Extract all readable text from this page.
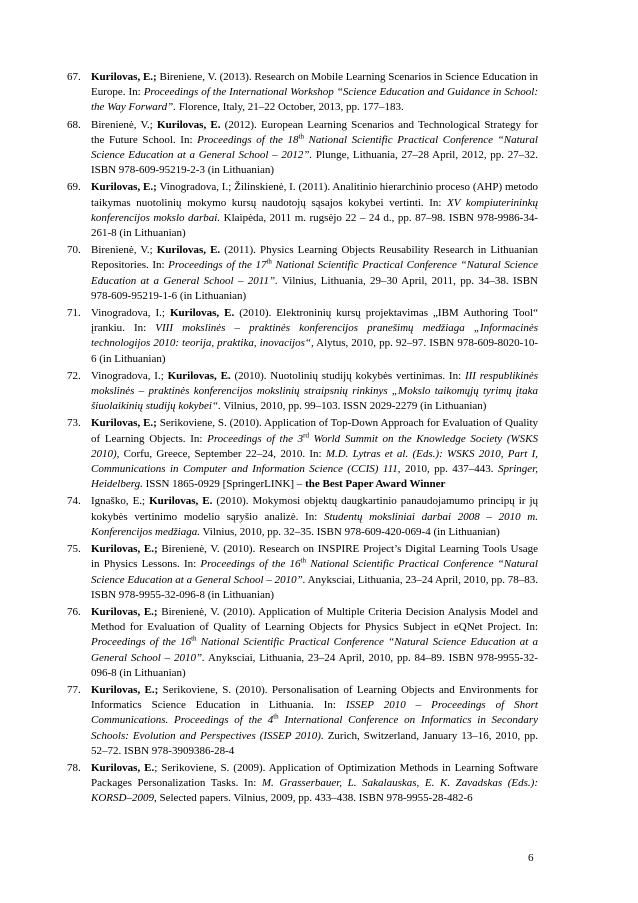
67. Kurilovas, E.; Bireniene, V. (2013). Research on Mobile Learning Scenarios in Science Education in Europe. In: Proceedings of the International Workshop “Science Education and Guidance in School: the Way Forward”. Florence, Italy, 21–22 October, 2013, pp. 177–183.
68. Birenienė, V.; Kurilovas, E. (2012). European Learning Scenarios and Technological Strategy for the Future School. In: Proceedings of the 18th National Scientific Practical Conference “Natural Science Education at a General School – 2012”. Plunge, Lithuania, 27–28 April, 2012, pp. 27–32. ISBN 978-609-95219-2-3 (in Lithuanian)
69. Kurilovas, E.; Vinogradova, I.; Žilinskienė, I. (2011). Analitinio hierarchinio proceso (AHP) metodo taikymas nuotolinių mokymo kursų naudotojų sąsajos kokybei vertinti. In: XV kompiuterininkų konferencijos mokslo darbai. Klaipėda, 2011 m. rugsėjo 22 – 24 d., pp. 87–98. ISBN 978-9986-34-261-8 (in Lithuanian)
70. Birenienė, V.; Kurilovas, E. (2011). Physics Learning Objects Reusability Research in Lithuanian Repositories. In: Proceedings of the 17th National Scientific Practical Conference “Natural Science Education at a General School – 2011”. Vilnius, Lithuania, 29–30 April, 2011, pp. 34–38. ISBN 978-609-95219-1-6 (in Lithuanian)
71. Vinogradova, I.; Kurilovas, E. (2010). Elektroninių kursų projektavimas „IBM Authoring Tool“ įrankiu. In: VIII mokslinės – praktinės konferencijos pranešimų medžiaga „Informacinės technologijos 2010: teorija, praktika, inovacijos“, Alytus, 2010, pp. 92–97. ISBN 978-609-8020-10-6 (in Lithuanian)
72. Vinogradova, I.; Kurilovas, E. (2010). Nuotolinių studijų kokybės vertinimas. In: III respublikinės mokslinės – praktinės konferencijos mokslinių straipsnių rinkinys „Mokslo taikomųjų tyrimų įtaka šiuolaikinių studijų kokybei“. Vilnius, 2010, pp. 99–103. ISSN 2029-2279 (in Lithuanian)
73. Kurilovas, E.; Serikoviene, S. (2010). Application of Top-Down Approach for Evaluation of Quality of Learning Objects. In: Proceedings of the 3rd World Summit on the Knowledge Society (WSKS 2010), Corfu, Greece, September 22–24, 2010. In: M.D. Lytras et al. (Eds.): WSKS 2010, Part I, Communications in Computer and Information Science (CCIS) 111, 2010, pp. 437–443. Springer, Heidelberg. ISSN 1865-0929 [SpringerLINK] – the Best Paper Award Winner
74. Ignaško, E.; Kurilovas, E. (2010). Mokymosi objektų daugkartinio panaudojamumo principų ir jų kokybės vertinimo modelio sąryšio analizė. In: Studentų moksliniai darbai 2008 – 2010 m. Konferencijos medžiaga. Vilnius, 2010, pp. 32–35. ISBN 978-609-420-069-4 (in Lithuanian)
75. Kurilovas, E.; Birenienė, V. (2010). Research on INSPIRE Project’s Digital Learning Tools Usage in Physics Lessons. In: Proceedings of the 16th National Scientific Practical Conference “Natural Science Education at a General School – 2010”. Anyksciai, Lithuania, 23–24 April, 2010, pp. 78–83. ISBN 978-9955-32-096-8 (in Lithuanian)
76. Kurilovas, E.; Birenienė, V. (2010). Application of Multiple Criteria Decision Analysis Model and Method for Evaluation of Quality of Learning Objects for Physics Subject in eQNet Project. In: Proceedings of the 16th National Scientific Practical Conference “Natural Science Education at a General School – 2010”. Anyksciai, Lithuania, 23–24 April, 2010, pp. 84–89. ISBN 978-9955-32-096-8 (in Lithuanian)
77. Kurilovas, E.; Serikoviene, S. (2010). Personalisation of Learning Objects and Environments for Informatics Science Education in Lithuania. In: ISSEP 2010 – Proceedings of Short Communications. Proceedings of the 4th International Conference on Informatics in Secondary Schools: Evolution and Perspectives (ISSEP 2010). Zurich, Switzerland, January 13–16, 2010, pp. 52–72. ISBN 978-3909386-28-4
78. Kurilovas, E.; Serikoviene, S. (2009). Application of Optimization Methods in Learning Software Packages Personalization Tasks. In: M. Grasserbauer, L. Sakalauskas, E. K. Zavadskas (Eds.): KORSD–2009, Selected papers. Vilnius, 2009, pp. 433–438. ISBN 978-9955-28-482-6
6
